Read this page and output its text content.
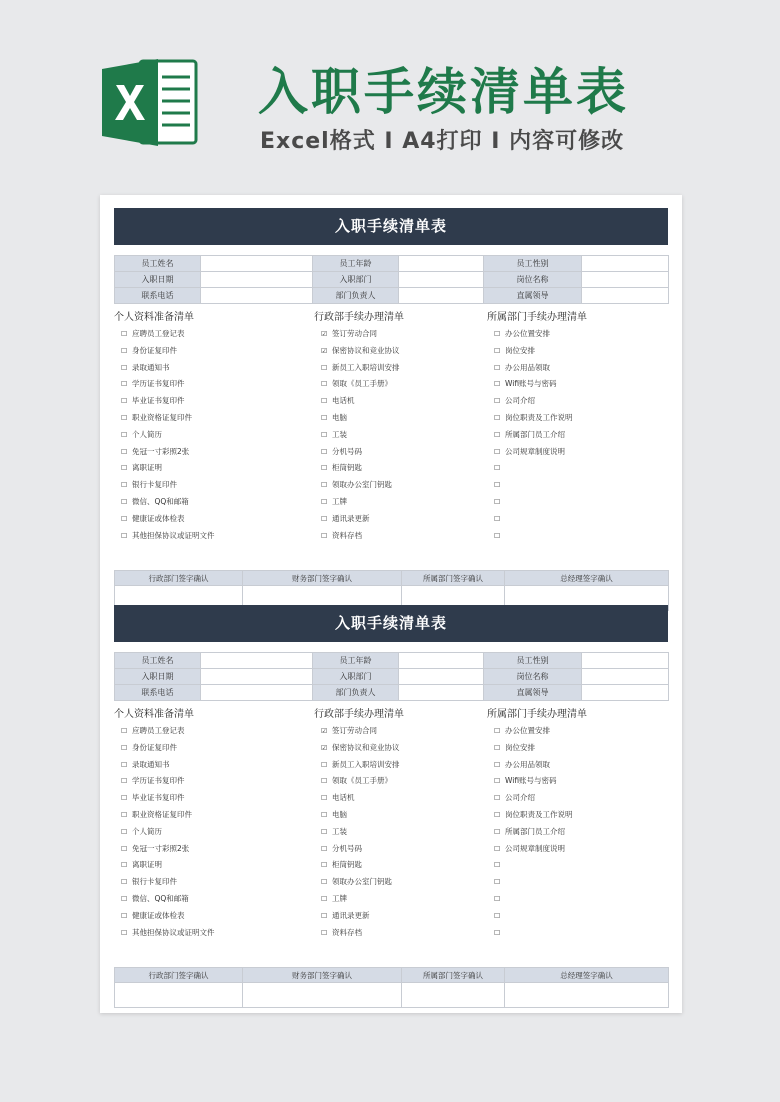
入职手续清单表
Excel格式 I A4打印 I 内容可修改
入职手续清单表
员工姓名		员工年龄		员工性别	
入职日期		入职部门		岗位名称	
联系电话		部门负责人		直属领导	
个人资料准备清单
☐ 应聘员工登记表
☐ 身份证复印件
☐ 录取通知书
☐ 学历证书复印件
☐ 毕业证书复印件
☐ 职业资格证复印件
☐ 个人简历
☐ 免冠一寸彩照2张
☐ 离职证明
☐ 银行卡复印件
☐ 微信、QQ和邮箱
☐ 健康证或体检表
☐ 其他担保协议或证明文件
行政部手续办理清单
☑ 签订劳动合同
☑ 保密协议和竞业协议
☐ 新员工入职培训安排
☐ 领取《员工手册》
☐ 电话机
☐ 电脑
☐ 工装
☐ 分机号码
☐ 柜筒钥匙
☐ 领取办公室门钥匙
☐ 工牌
☐ 通讯录更新
☐ 资料存档
所属部门手续办理清单
☐ 办公位置安排
☐ 岗位安排
☐ 办公用品领取
☐ Wifi账号与密码
☐ 公司介绍
☐ 岗位职责及工作说明
☐ 所属部门员工介绍
☐ 公司规章制度说明
☐
☐
☐
☐
☐
行政部门签字确认	财务部门签字确认	所属部门签字确认	总经理签字确认

入职手续清单表
员工姓名		员工年龄		员工性别	
入职日期		入职部门		岗位名称	
联系电话		部门负责人		直属领导	
个人资料准备清单
☐ 应聘员工登记表
☐ 身份证复印件
☐ 录取通知书
☐ 学历证书复印件
☐ 毕业证书复印件
☐ 职业资格证复印件
☐ 个人简历
☐ 免冠一寸彩照2张
☐ 离职证明
☐ 银行卡复印件
☐ 微信、QQ和邮箱
☐ 健康证或体检表
☐ 其他担保协议或证明文件
行政部手续办理清单
☑ 签订劳动合同
☑ 保密协议和竞业协议
☐ 新员工入职培训安排
☐ 领取《员工手册》
☐ 电话机
☐ 电脑
☐ 工装
☐ 分机号码
☐ 柜筒钥匙
☐ 领取办公室门钥匙
☐ 工牌
☐ 通讯录更新
☐ 资料存档
所属部门手续办理清单
☐ 办公位置安排
☐ 岗位安排
☐ 办公用品领取
☐ Wifi账号与密码
☐ 公司介绍
☐ 岗位职责及工作说明
☐ 所属部门员工介绍
☐ 公司规章制度说明
☐
☐
☐
☐
☐
行政部门签字确认	财务部门签字确认	所属部门签字确认	总经理签字确认
